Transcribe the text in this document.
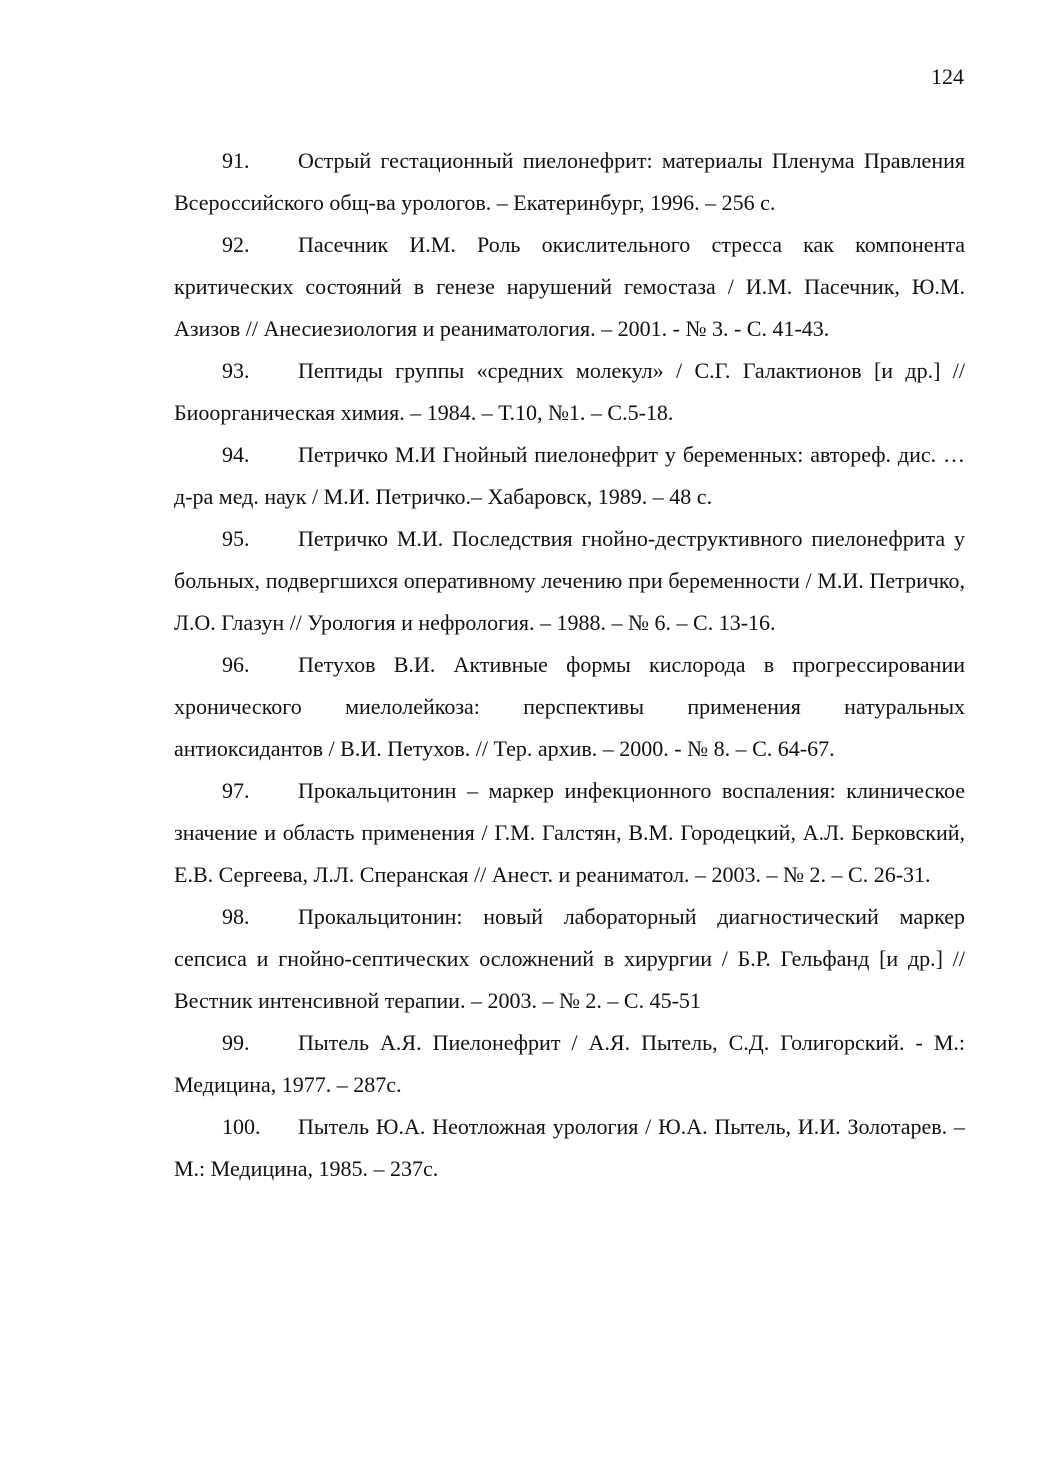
124

91. Острый гестационный пиелонефрит: материалы Пленума Правления Всероссийского общ-ва урологов. – Екатеринбург, 1996. – 256 с.

92. Пасечник И.М. Роль окислительного стресса как компонента критических состояний в генезе нарушений гемостаза / И.М. Пасечник, Ю.М. Азизов // Анесиезиология и реаниматология. – 2001. - № 3. - С. 41-43.

93. Пептиды группы «средних молекул» / С.Г. Галактионов [и др.] // Биоорганическая химия. – 1984. – Т.10, №1. – С.5-18.

94. Петричко М.И Гнойный пиелонефрит у беременных: автореф. дис. … д-ра мед. наук / М.И. Петричко.– Хабаровск, 1989. – 48 с.

95. Петричко М.И. Последствия гнойно-деструктивного пиелонефрита у больных, подвергшихся оперативному лечению при беременности / М.И. Петричко, Л.О. Глазун // Урология и нефрология. – 1988. – № 6. – С. 13-16.

96. Петухов В.И. Активные формы кислорода в прогрессировании хронического миелолейкоза: перспективы применения натуральных антиоксидантов / В.И. Петухов. // Тер. архив. – 2000. - № 8. – С. 64-67.

97. Прокальцитонин – маркер инфекционного воспаления: клиническое значение и область применения / Г.М. Галстян, В.М. Городецкий, А.Л. Берковский, Е.В. Сергеева, Л.Л. Сперанская // Анест. и реаниматол. – 2003. – № 2. – С. 26-31.

98. Прокальцитонин: новый лабораторный диагностический маркер сепсиса и гнойно-септических осложнений в хирургии / Б.Р. Гельфанд [и др.] // Вестник интенсивной терапии. – 2003. – № 2. – С. 45-51

99. Пытель А.Я. Пиелонефрит / А.Я. Пытель, С.Д. Голигорский. - М.: Медицина, 1977. – 287с.

100. Пытель Ю.А. Неотложная урология / Ю.А. Пытель, И.И. Золотарев. – М.: Медицина, 1985. – 237с.
